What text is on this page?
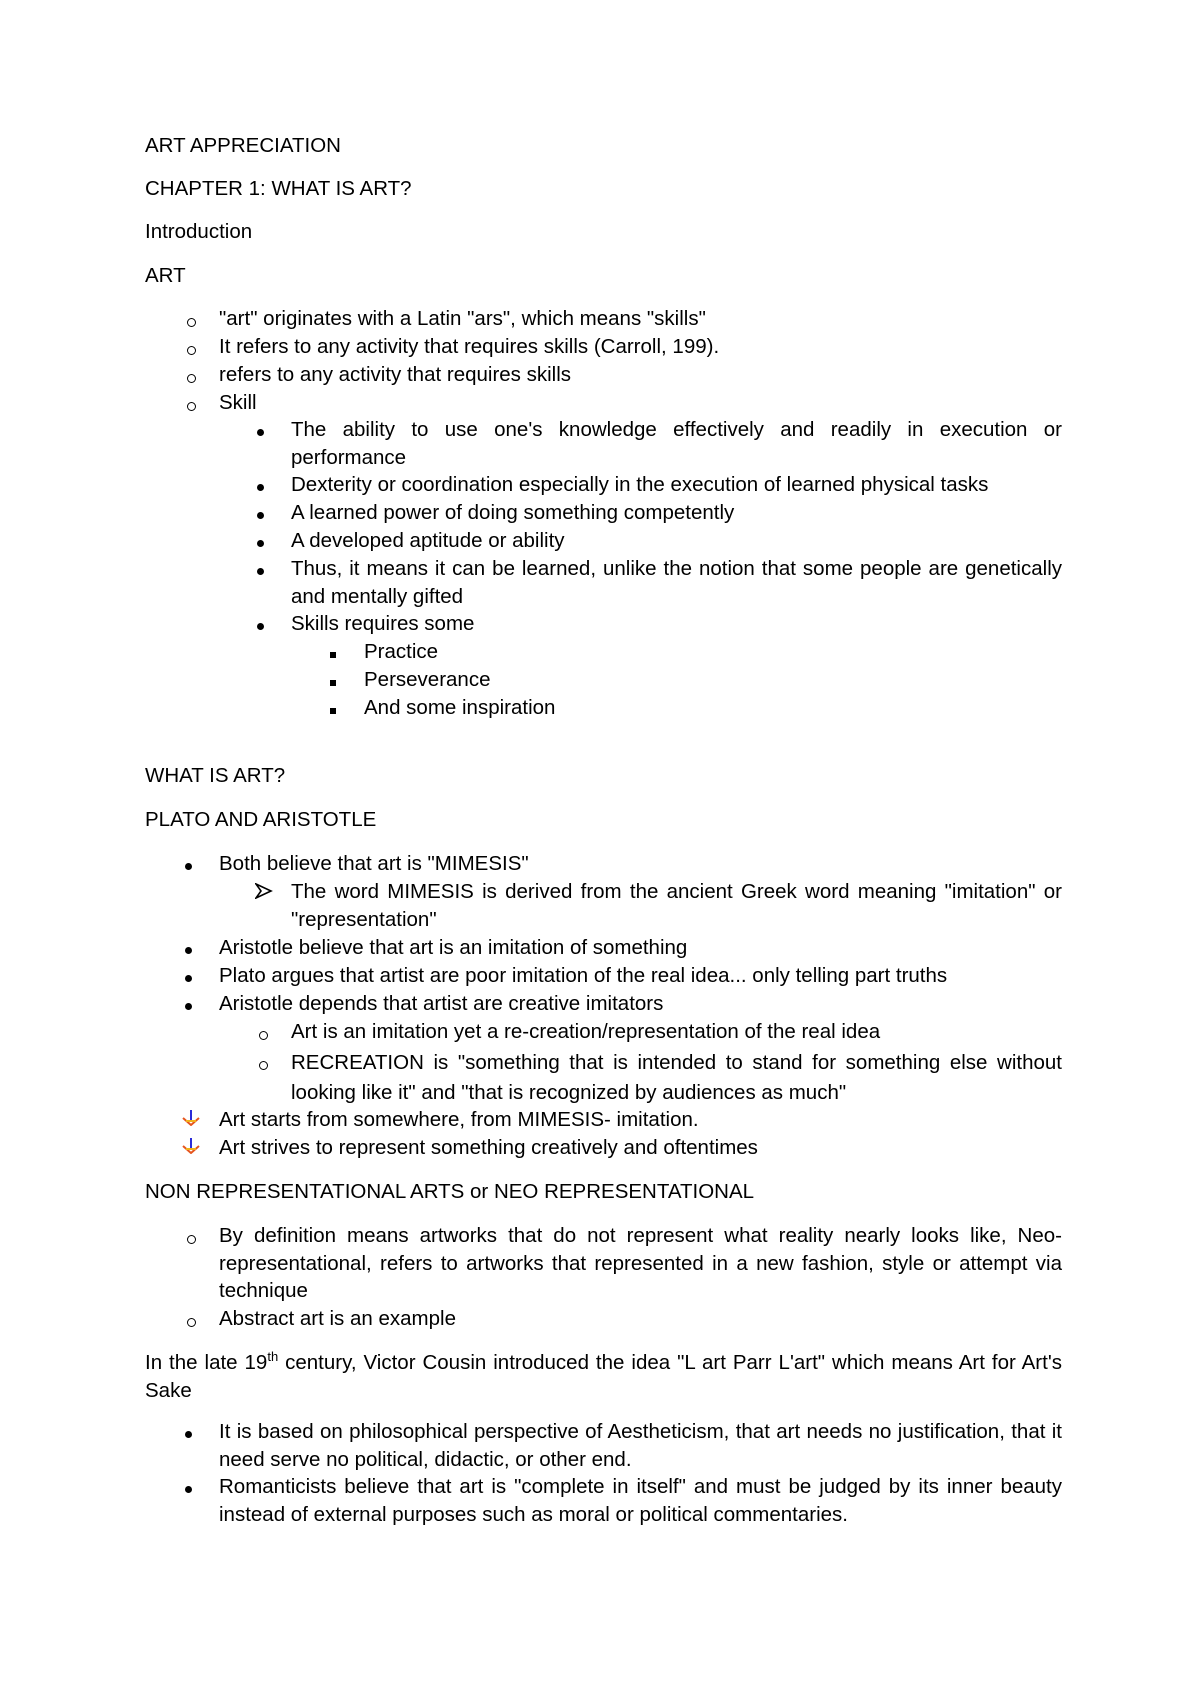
ART APPRECIATION
CHAPTER 1: WHAT IS ART?
Introduction
ART
"art" originates with a Latin "ars", which means "skills"
It refers to any activity that requires skills (Carroll, 199).
refers to any activity that requires skills
Skill
The ability to use one's knowledge effectively and readily in execution or performance
Dexterity or coordination especially in the execution of learned physical tasks
A learned power of doing something competently
A developed aptitude or ability
Thus, it means it can be learned, unlike the notion that some people are genetically and mentally gifted
Skills requires some
Practice
Perseverance
And some inspiration
WHAT IS ART?
PLATO AND ARISTOTLE
Both believe that art is "MIMESIS"
The word MIMESIS is derived from the ancient Greek word meaning "imitation" or "representation"
Aristotle believe that art is an imitation of something
Plato argues that artist are poor imitation of the real idea... only telling part truths
Aristotle depends that artist are creative imitators
Art is an imitation yet a re-creation/representation of the real idea
RECREATION is "something that is intended to stand for something else without looking like it" and "that is recognized by audiences as much"
Art starts from somewhere, from MIMESIS- imitation.
Art strives to represent something creatively and oftentimes
NON REPRESENTATIONAL ARTS or NEO REPRESENTATIONAL
By definition means artworks that do not represent what reality nearly looks like, Neo-representational, refers to artworks that represented in a new fashion, style or attempt via technique
Abstract art is an example
In the late 19th century, Victor Cousin introduced the idea "L art Parr L'art" which means Art for Art's Sake
It is based on philosophical perspective of Aestheticism, that art needs no justification, that it need serve no political, didactic, or other end.
Romanticists believe that art is "complete in itself" and must be judged by its inner beauty instead of external purposes such as moral or political commentaries.
